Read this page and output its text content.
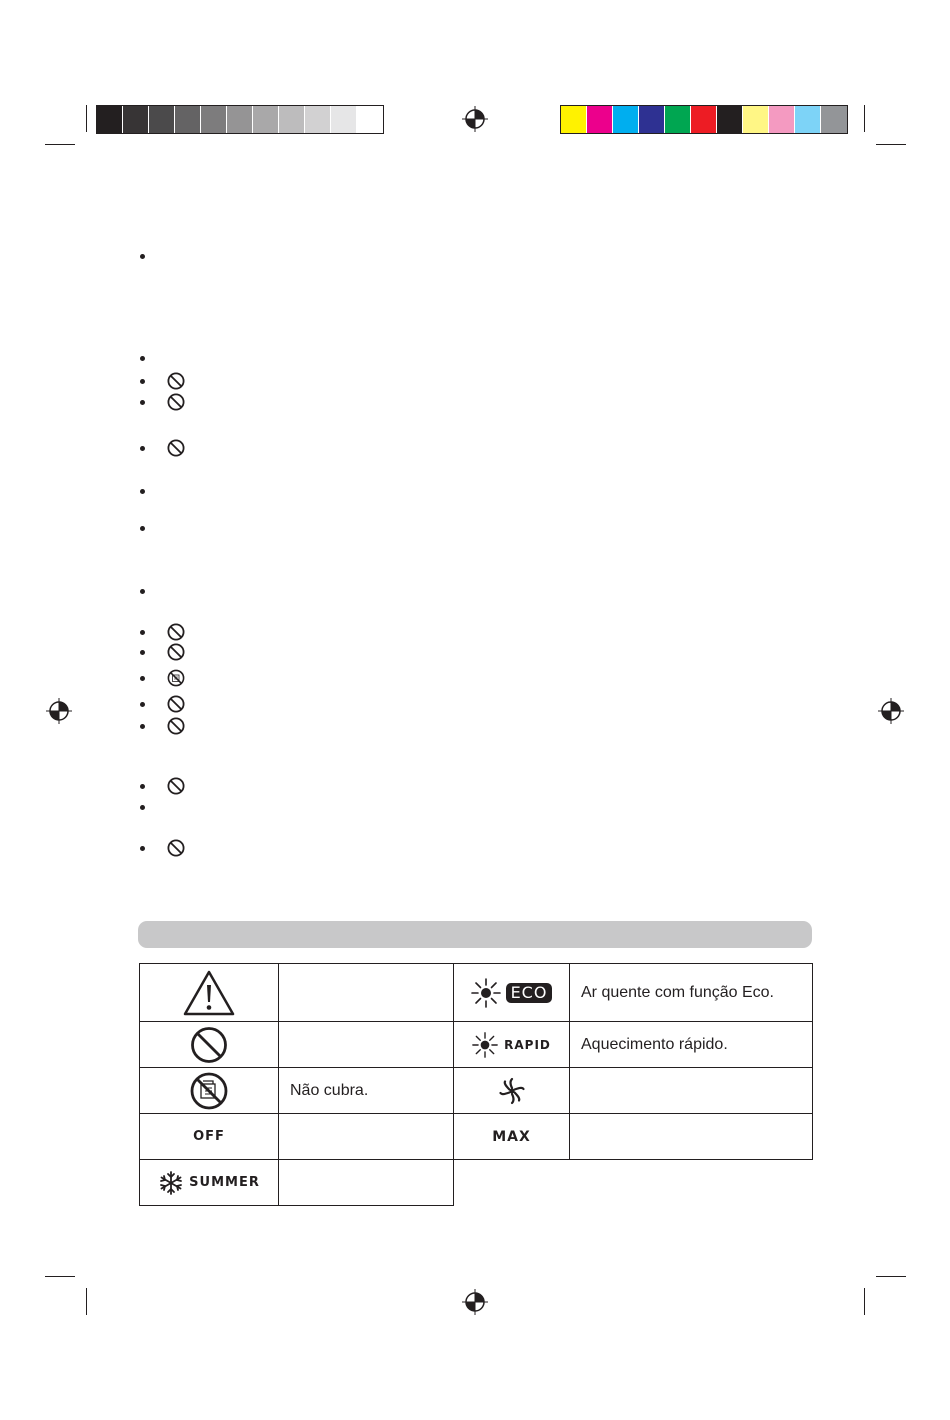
Não cubra.
OFF
SUMMER
ECO	Ar quente com função Eco.
RAPID	Aquecimento rápido.
MAX
